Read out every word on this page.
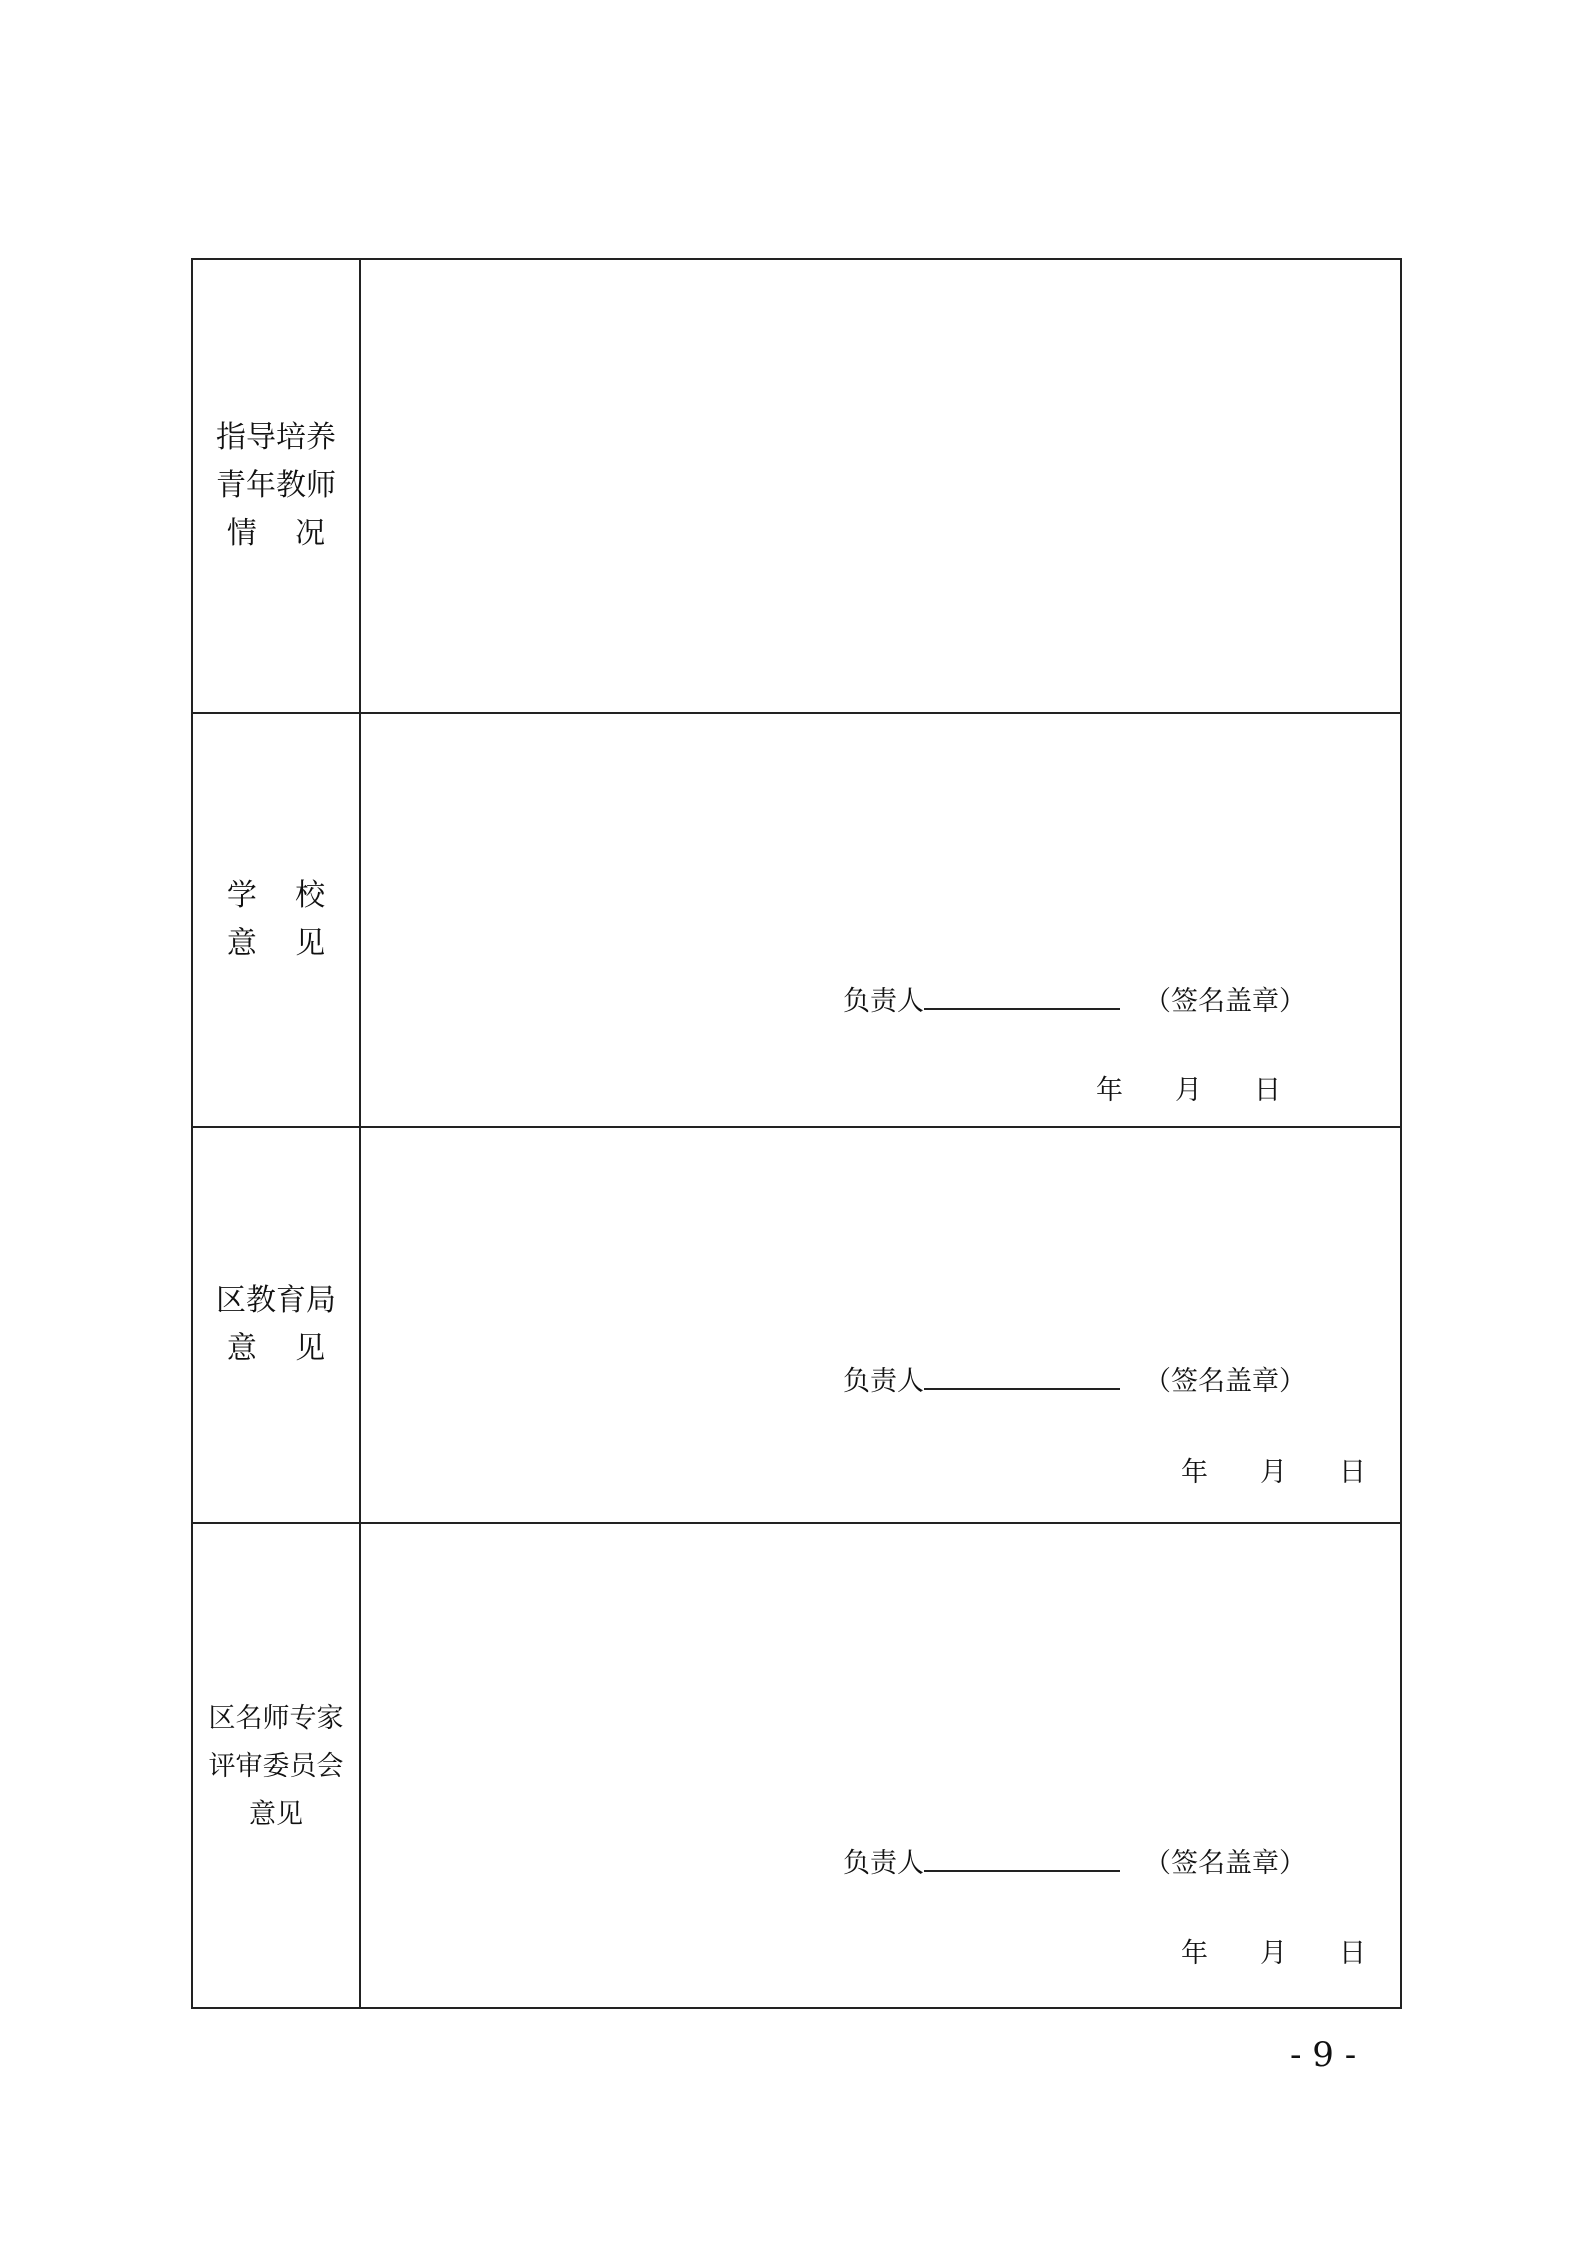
指导培养
青年教师
情    况
学    校
意    见
负责人	（签名盖章）
年 月 日
区教育局
意    见
负责人	（签名盖章）
年 月 日
区名师专家
评审委员会
意见
负责人	（签名盖章）
年 月 日
- 9 -
